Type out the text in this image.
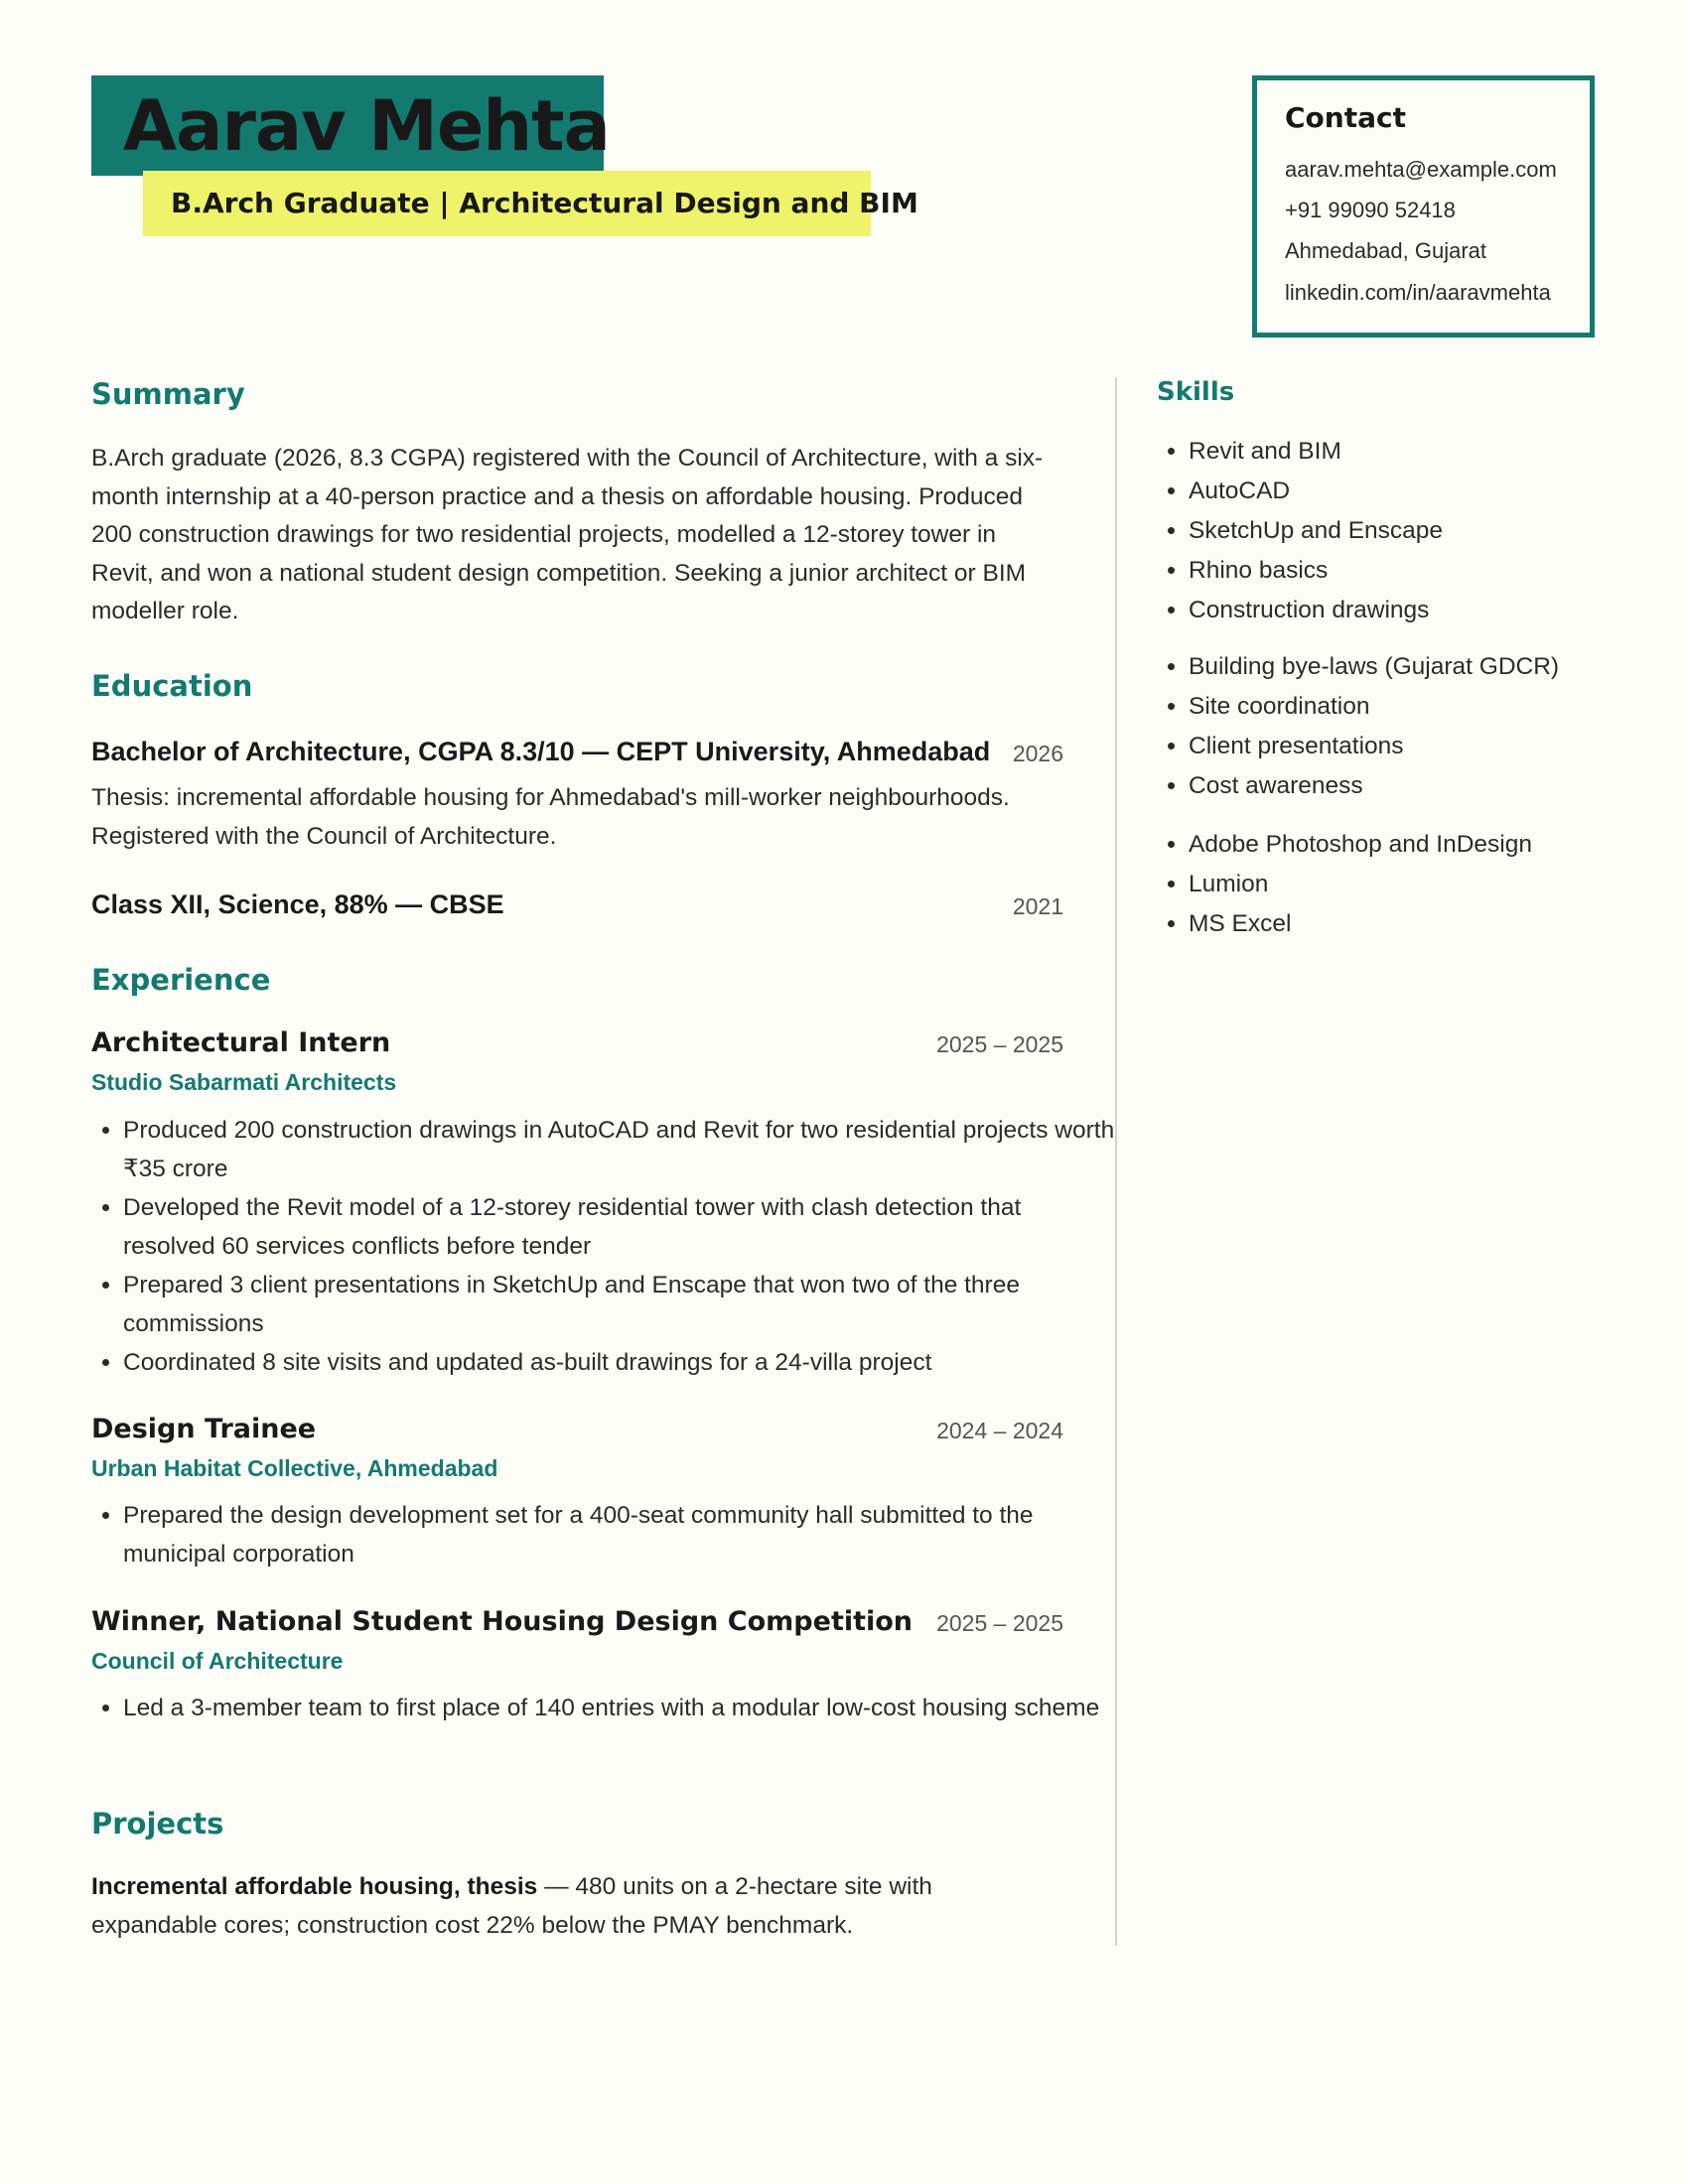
Aarav Mehta
B.Arch Graduate | Architectural Design and BIM
Contact
aarav.mehta@example.com
+91 99090 52418
Ahmedabad, Gujarat
linkedin.com/in/aaravmehta
Summary
B.Arch graduate (2026, 8.3 CGPA) registered with the Council of Architecture, with a six-month internship at a 40-person practice and a thesis on affordable housing. Produced 200 construction drawings for two residential projects, modelled a 12-storey tower in Revit, and won a national student design competition. Seeking a junior architect or BIM modeller role.
Education
Bachelor of Architecture, CGPA 8.3/10 — CEPT University, Ahmedabad 2026
Thesis: incremental affordable housing for Ahmedabad's mill-worker neighbourhoods. Registered with the Council of Architecture.
Class XII, Science, 88% — CBSE	2021
Experience
Architectural Intern	2025 – 2025
Studio Sabarmati Architects
• Produced 200 construction drawings in AutoCAD and Revit for two residential projects worth ₹35 crore
• Developed the Revit model of a 12-storey residential tower with clash detection that resolved 60 services conflicts before tender
• Prepared 3 client presentations in SketchUp and Enscape that won two of the three commissions
• Coordinated 8 site visits and updated as-built drawings for a 24-villa project
Design Trainee	2024 – 2024
Urban Habitat Collective, Ahmedabad
• Prepared the design development set for a 400-seat community hall submitted to the municipal corporation
Winner, National Student Housing Design Competition 2025 – 2025
Council of Architecture
• Led a 3-member team to first place of 140 entries with a modular low-cost housing scheme
Projects
Incremental affordable housing, thesis — 480 units on a 2-hectare site with expandable cores; construction cost 22% below the PMAY benchmark.
Skills
• Revit and BIM
• AutoCAD
• SketchUp and Enscape
• Rhino basics
• Construction drawings
• Building bye-laws (Gujarat GDCR)
• Site coordination
• Client presentations
• Cost awareness
• Adobe Photoshop and InDesign
• Lumion
• MS Excel
